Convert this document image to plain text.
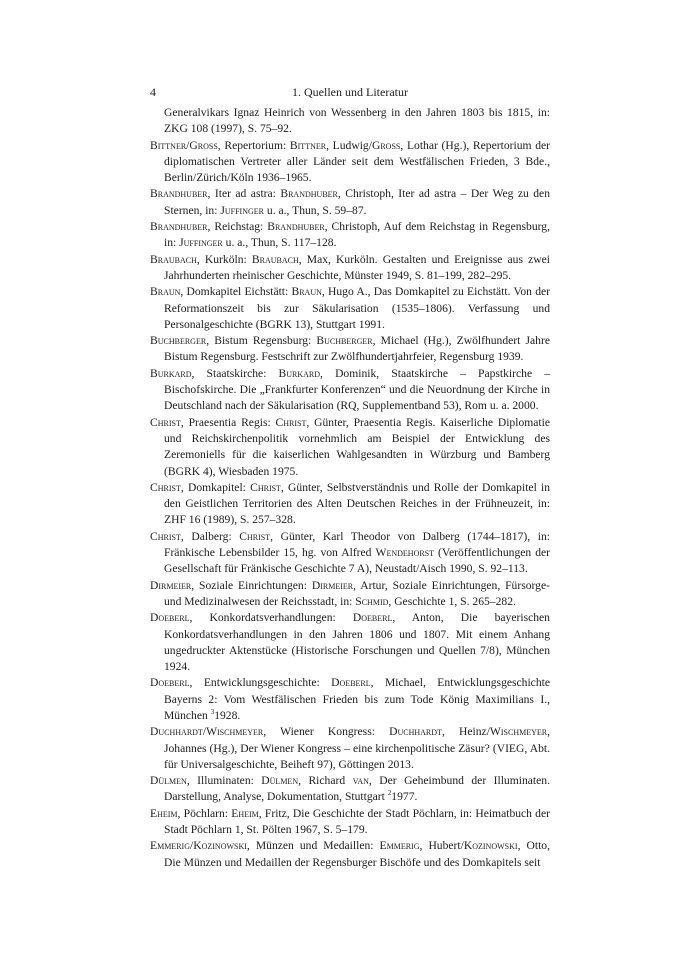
4	1. Quellen und Literatur

Generalvikars Ignaz Heinrich von Wessenberg in den Jahren 1803 bis 1815, in: ZKG 108 (1997), S. 75–92.

Bittner/Gross, Repertorium: Bittner, Ludwig/Gross, Lothar (Hg.), Repertorium der diplomatischen Vertreter aller Länder seit dem Westfälischen Frieden, 3 Bde., Berlin/Zürich/Köln 1936–1965.

Brandhuber, Iter ad astra: Brandhuber, Christoph, Iter ad astra – Der Weg zu den Sternen, in: Juffinger u. a., Thun, S. 59–87.

Brandhuber, Reichstag: Brandhuber, Christoph, Auf dem Reichstag in Regensburg, in: Juffinger u. a., Thun, S. 117–128.

Braubach, Kurköln: Braubach, Max, Kurköln. Gestalten und Ereignisse aus zwei Jahrhunderten rheinischer Geschichte, Münster 1949, S. 81–199, 282–295.

Braun, Domkapitel Eichstätt: Braun, Hugo A., Das Domkapitel zu Eichstätt. Von der Reformationszeit bis zur Säkularisation (1535–1806). Verfassung und Personalgeschichte (BGRK 13), Stuttgart 1991.

Buchberger, Bistum Regensburg: Buchberger, Michael (Hg.), Zwölfhundert Jahre Bistum Regensburg. Festschrift zur Zwölfhundertjahrfeier, Regensburg 1939.

Burkard, Staatskirche: Burkard, Dominik, Staatskirche – Papstkirche – Bischofskirche. Die „Frankfurter Konferenzen“ und die Neuordnung der Kirche in Deutschland nach der Säkularisation (RQ, Supplementband 53), Rom u. a. 2000.

Christ, Praesentia Regis: Christ, Günter, Praesentia Regis. Kaiserliche Diplomatie und Reichskirchenpolitik vornehmlich am Beispiel der Entwicklung des Zeremoniells für die kaiserlichen Wahlgesandten in Würzburg und Bamberg (BGRK 4), Wiesbaden 1975.

Christ, Domkapitel: Christ, Günter, Selbstverständnis und Rolle der Domkapitel in den Geistlichen Territorien des Alten Deutschen Reiches in der Frühneuzeit, in: ZHF 16 (1989), S. 257–328.

Christ, Dalberg: Christ, Günter, Karl Theodor von Dalberg (1744–1817), in: Fränkische Lebensbilder 15, hg. von Alfred Wendehorst (Veröffentlichungen der Gesellschaft für Fränkische Geschichte 7 A), Neustadt/Aisch 1990, S. 92–113.

Dirmeier, Soziale Einrichtungen: Dirmeier, Artur, Soziale Einrichtungen, Fürsorge- und Medizinalwesen der Reichsstadt, in: Schmid, Geschichte 1, S. 265–282.

Doeberl, Konkordatsverhandlungen: Doeberl, Anton, Die bayerischen Konkordatsverhandlungen in den Jahren 1806 und 1807. Mit einem Anhang ungedruckter Aktenstücke (Historische Forschungen und Quellen 7/8), München 1924.

Doeberl, Entwicklungsgeschichte: Doeberl, Michael, Entwicklungsgeschichte Bayerns 2: Vom Westfälischen Frieden bis zum Tode König Maximilians I., München $^3$1928.

Duchhardt/Wischmeyer, Wiener Kongress: Duchhardt, Heinz/Wischmeyer, Johannes (Hg.), Der Wiener Kongress – eine kirchenpolitische Zäsur? (VIEG, Abt. für Universalgeschichte, Beiheft 97), Göttingen 2013.

Dülmen, Illuminaten: Dülmen, Richard van, Der Geheimbund der Illuminaten. Darstellung, Analyse, Dokumentation, Stuttgart $^2$1977.

Eheim, Pöchlarn: Eheim, Fritz, Die Geschichte der Stadt Pöchlarn, in: Heimatbuch der Stadt Pöchlarn 1, St. Pölten 1967, S. 5–179.

Emmerig/Kozinowski, Münzen und Medaillen: Emmerig, Hubert/Kozinowski, Otto, Die Münzen und Medaillen der Regensburger Bischöfe und des Domkapitels seit
